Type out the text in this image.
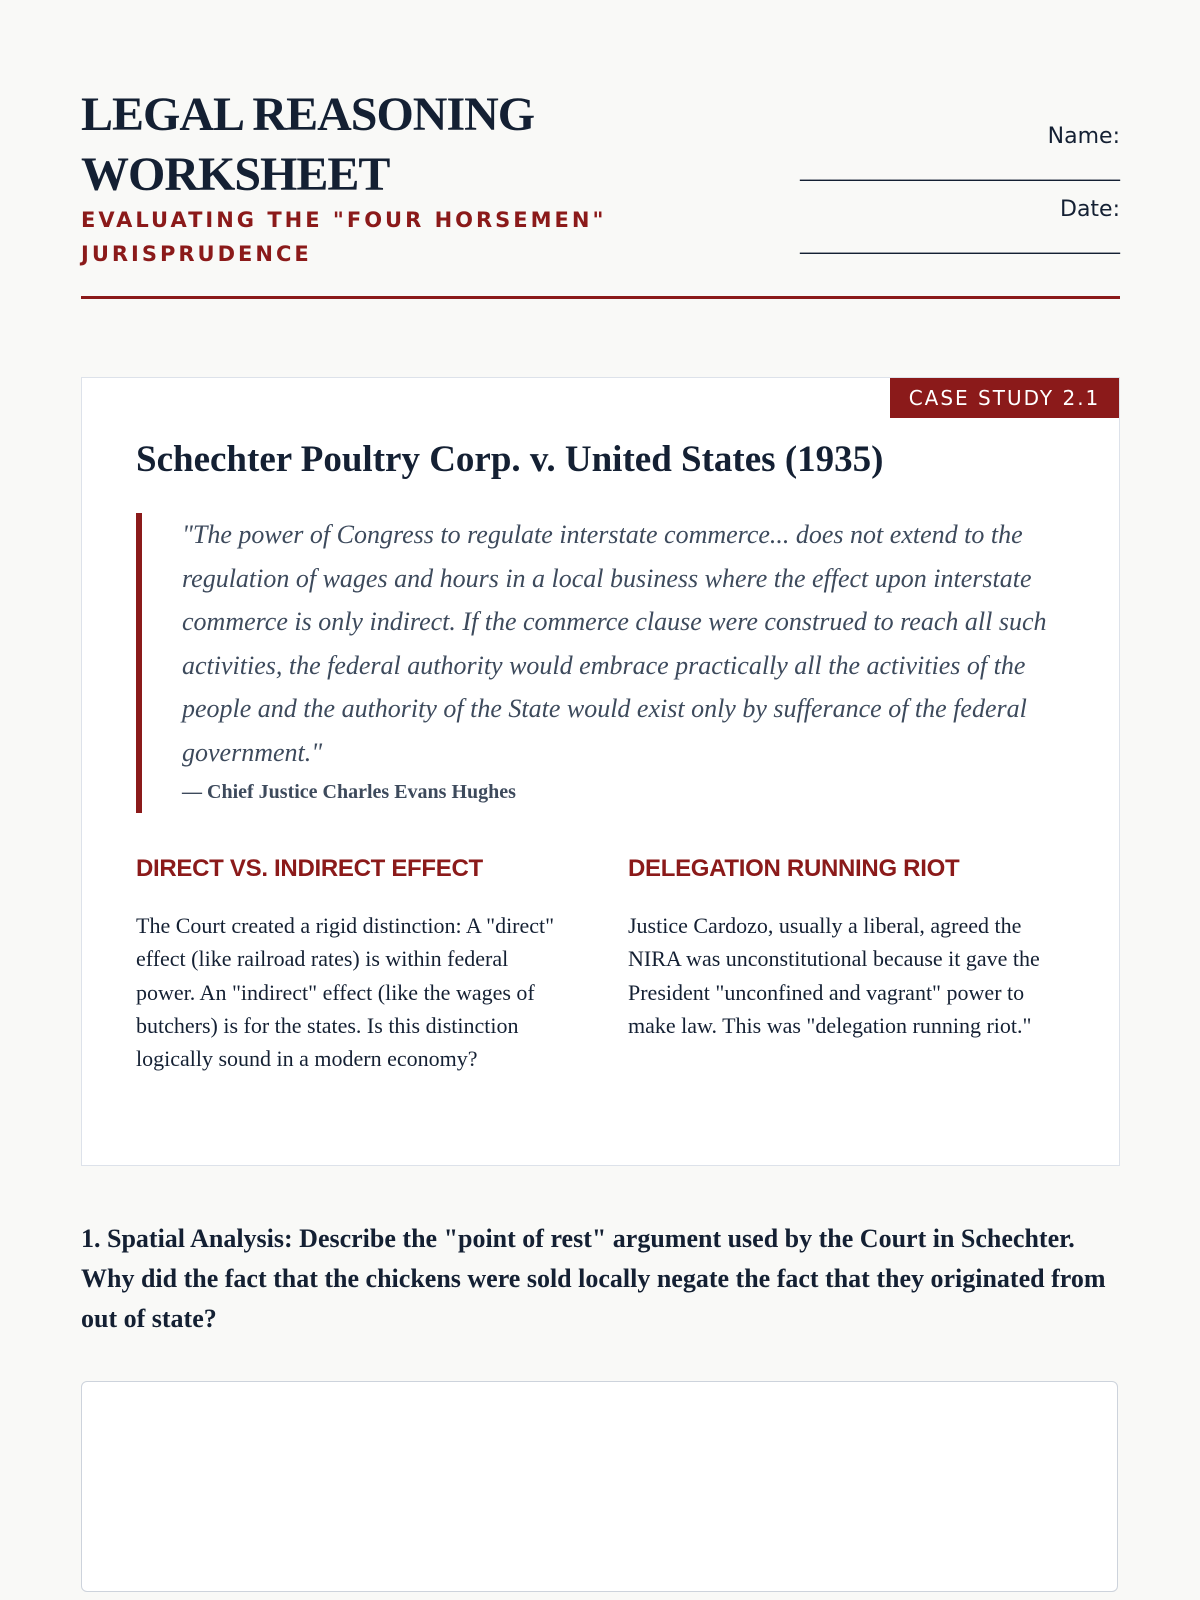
LEGAL REASONING
WORKSHEET
EVALUATING THE "FOUR HORSEMEN" JURISPRUDENCE
Name:
________________________________
Date:
________________________________
CASE STUDY 2.1
Schechter Poultry Corp. v. United States (1935)

"The power of Congress to regulate interstate commerce... does not extend to the regulation of wages and hours in a local business where the effect upon interstate commerce is only indirect. If the commerce clause were construed to reach all such activities, the federal authority would embrace practically all the activities of the people and the authority of the State would exist only by sufferance of the federal government."

— Chief Justice Charles Evans Hughes
DIRECT VS. INDIRECT EFFECT

The Court created a rigid distinction: A "direct" effect (like railroad rates) is within federal power. An "indirect" effect (like the wages of butchers) is for the states. Is this distinction logically sound in a modern economy?

DELEGATION RUNNING RIOT

Justice Cardozo, usually a liberal, agreed the NIRA was unconstitutional because it gave the President "unconfined and vagrant" power to make law. This was "delegation running riot."

1. Spatial Analysis: Describe the "point of rest" argument used by the Court in Schechter. Why did the fact that the chickens were sold locally negate the fact that they originated from out of state?
